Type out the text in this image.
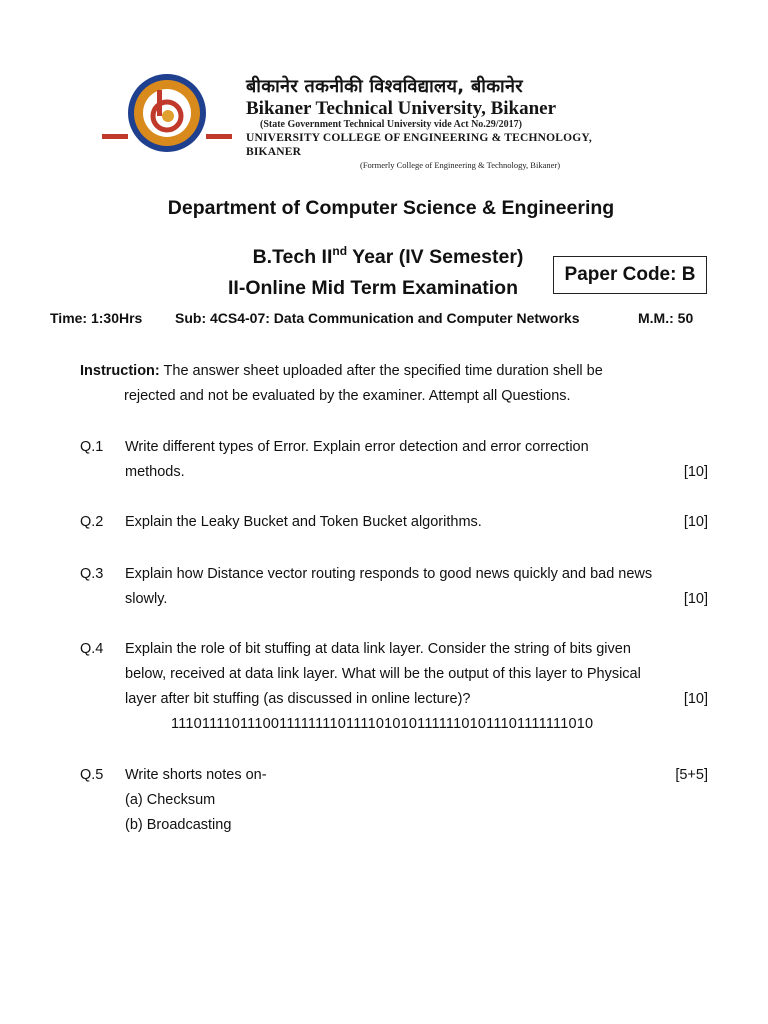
बीकानेर तकनीकी विश्वविद्यालय, बीकानेर
Bikaner Technical University, Bikaner
(State Government Technical University vide Act No.29/2017)
UNIVERSITY COLLEGE OF ENGINEERING & TECHNOLOGY, BIKANER
(Formerly College of Engineering & Technology, Bikaner)
Department of Computer Science & Engineering
B.Tech IInd Year (IV Semester)
II-Online Mid Term Examination
Paper Code: B
Time: 1:30Hrs Sub: 4CS4-07: Data Communication and Computer Networks	M.M.: 50
Instruction: The answer sheet uploaded after the specified time duration shell be
rejected and not be evaluated by the examiner. Attempt all Questions.
Q.1 Write different types of Error. Explain error detection and error correction
methods.	[10]
Q.2 Explain the Leaky Bucket and Token Bucket algorithms.	[10]
Q.3 Explain how Distance vector routing responds to good news quickly and bad news
slowly.	[10]
Q.4 Explain the role of bit stuffing at data link layer. Consider the string of bits given
below, received at data link layer. What will be the output of this layer to Physical
layer after bit stuffing (as discussed in online lecture)?	[10]
1110111101110011111111011110101011111101011101111111010
Q.5 Write shorts notes on-	[5+5]
(a) Checksum
(b) Broadcasting
